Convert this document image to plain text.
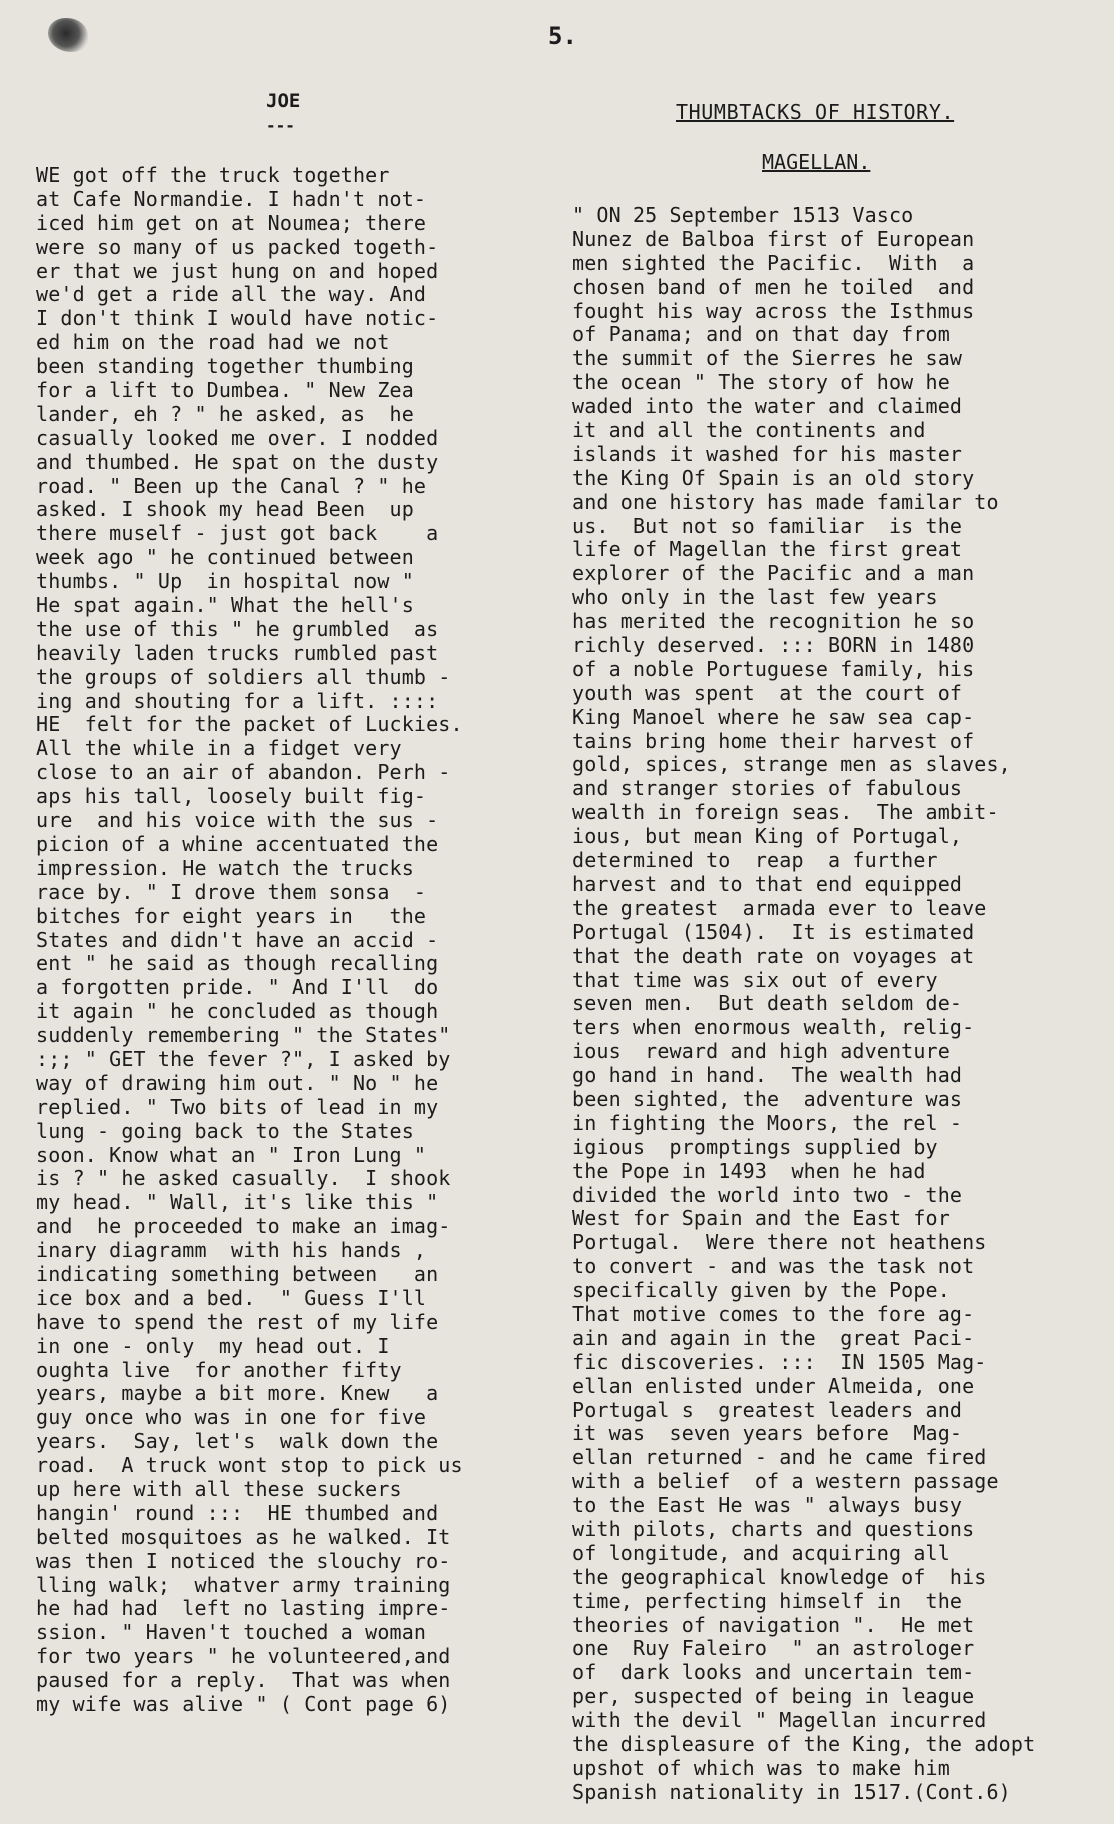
5.
JOE
---
THUMBTACKS OF HISTORY.
MAGELLAN.
WE got off the truck together
at Cafe Normandie. I hadn't not-
iced him get on at Noumea; there
were so many of us packed togeth-
er that we just hung on and hoped
we'd get a ride all the way. And
I don't think I would have notic-
ed him on the road had we not
been standing together thumbing
for a lift to Dumbea. " New Zea
lander, eh ? " he asked, as  he
casually looked me over. I nodded
and thumbed. He spat on the dusty
road. " Been up the Canal ? " he
asked. I shook my head Been  up
there muself - just got back    a
week ago " he continued between
thumbs. " Up  in hospital now "
He spat again." What the hell's
the use of this " he grumbled  as
heavily laden trucks rumbled past
the groups of soldiers all thumb -
ing and shouting for a lift. ::::
HE  felt for the packet of Luckies.
All the while in a fidget very
close to an air of abandon. Perh -
aps his tall, loosely built fig-
ure  and his voice with the sus -
picion of a whine accentuated the
impression. He watch the trucks
race by. " I drove them sonsa  -
bitches for eight years in   the
States and didn't have an accid -
ent " he said as though recalling
a forgotten pride. " And I'll  do
it again " he concluded as though
suddenly remembering " the States"
:;; " GET the fever ?", I asked by
way of drawing him out. " No " he
replied. " Two bits of lead in my
lung - going back to the States
soon. Know what an " Iron Lung "
is ? " he asked casually.  I shook
my head. " Wall, it's like this "
and  he proceeded to make an imag-
inary diagramm  with his hands ,
indicating something between   an
ice box and a bed.  " Guess I'll
have to spend the rest of my life
in one - only  my head out. I
oughta live  for another fifty
years, maybe a bit more. Knew   a
guy once who was in one for five
years.  Say, let's  walk down the
road.  A truck wont stop to pick us
up here with all these suckers
hangin' round :::  HE thumbed and
belted mosquitoes as he walked. It
was then I noticed the slouchy ro-
lling walk;  whatver army training
he had had  left no lasting impre-
ssion. " Haven't touched a woman
for two years " he volunteered,and
paused for a reply.  That was when
my wife was alive " ( Cont page 6)
" ON 25 September 1513 Vasco
Nunez de Balboa first of European
men sighted the Pacific.  With  a
chosen band of men he toiled  and
fought his way across the Isthmus
of Panama; and on that day from
the summit of the Sierres he saw
the ocean " The story of how he
waded into the water and claimed
it and all the continents and
islands it washed for his master
the King Of Spain is an old story
and one history has made familar to
us.  But not so familiar  is the
life of Magellan the first great
explorer of the Pacific and a man
who only in the last few years
has merited the recognition he so
richly deserved. ::: BORN in 1480
of a noble Portuguese family, his
youth was spent  at the court of
King Manoel where he saw sea cap-
tains bring home their harvest of
gold, spices, strange men as slaves,
and stranger stories of fabulous
wealth in foreign seas.  The ambit-
ious, but mean King of Portugal,
determined to  reap  a further
harvest and to that end equipped
the greatest  armada ever to leave
Portugal (1504).  It is estimated
that the death rate on voyages at
that time was six out of every
seven men.  But death seldom de-
ters when enormous wealth, relig-
ious  reward and high adventure
go hand in hand.  The wealth had
been sighted, the  adventure was
in fighting the Moors, the rel -
igious  promptings supplied by
the Pope in 1493  when he had
divided the world into two - the
West for Spain and the East for
Portugal.  Were there not heathens
to convert - and was the task not
specifically given by the Pope.
That motive comes to the fore ag-
ain and again in the  great Paci-
fic discoveries. :::  IN 1505 Mag-
ellan enlisted under Almeida, one
Portugal s  greatest leaders and
it was  seven years before  Mag-
ellan returned - and he came fired
with a belief  of a western passage
to the East He was " always busy
with pilots, charts and questions
of longitude, and acquiring all
the geographical knowledge of  his
time, perfecting himself in  the
theories of navigation ".  He met
one  Ruy Faleiro  " an astrologer
of  dark looks and uncertain tem-
per, suspected of being in league
with the devil " Magellan incurred
the displeasure of the King, the adopt
upshot of which was to make him
Spanish nationality in 1517.(Cont.6)
